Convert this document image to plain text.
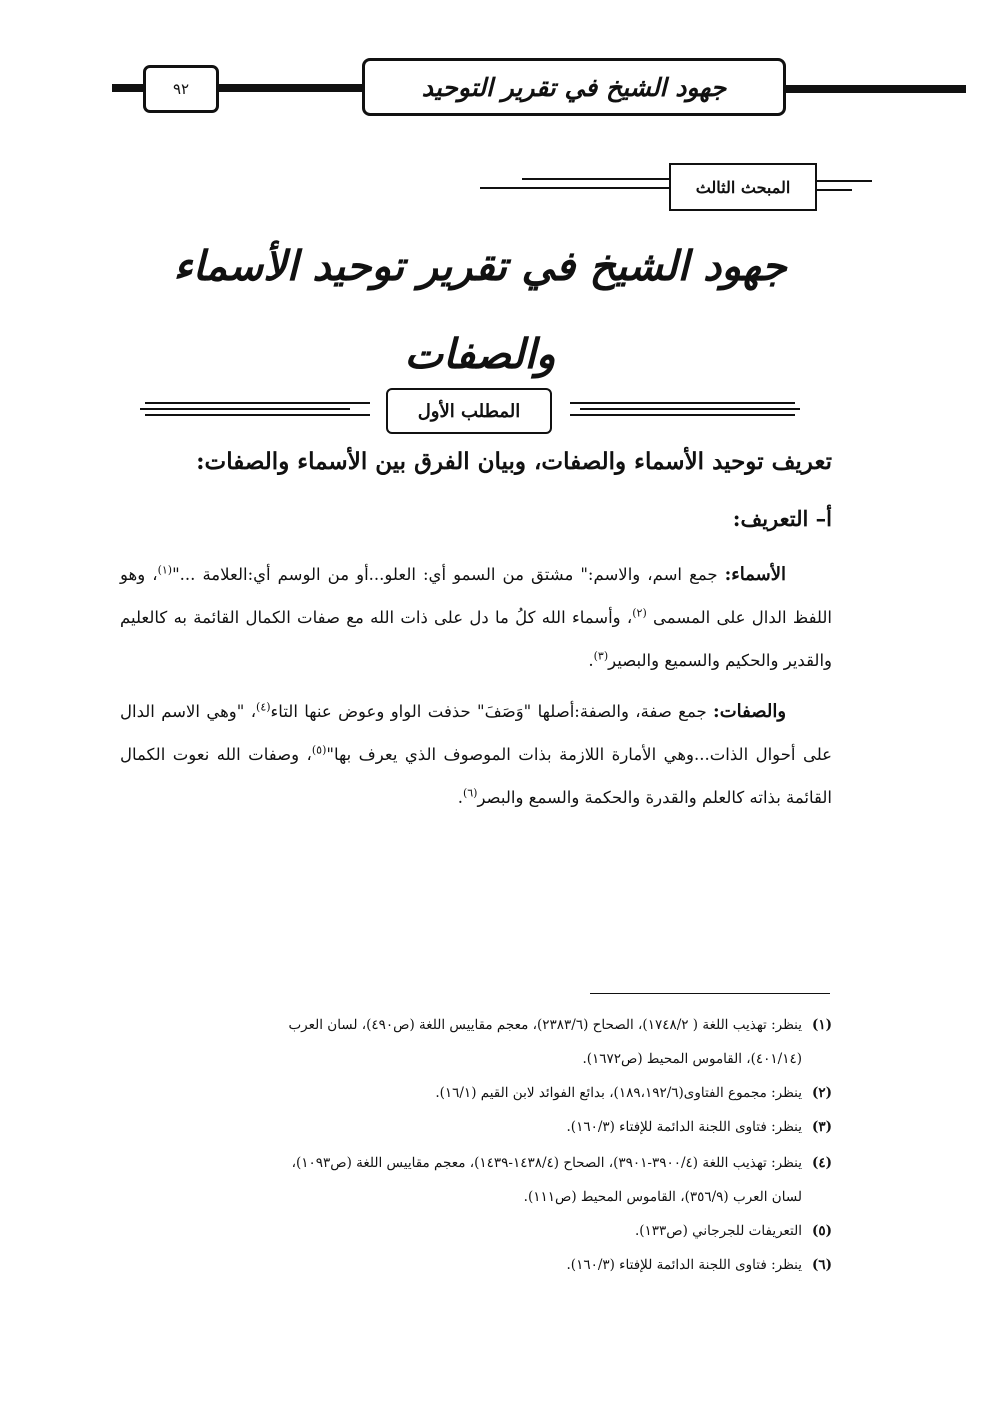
٩٢	جهود الشيخ في تقرير التوحيد
المبحث الثالث
جهود الشيخ في تقرير توحيد الأسماء
والصفات
المطلب الأول
تعريف توحيد الأسماء والصفات، وبيان الفرق بين الأسماء والصفات:
أ– التعريف:
الأسماء: جمع اسم، والاسم:" مشتق من السمو أي: العلو...أو من الوسم أي:العلامة ..."$^{(١)}$، وهو اللفظ الدال على المسمى $^{(٢)}$، وأسماء الله كلُ ما دل على ذات الله مع صفات الكمال القائمة به كالعليم والقدير والحكيم والسميع والبصير$^{(٣)}$.
والصفات: جمع صفة، والصفة:أصلها "وَصَفَ" حذفت الواو وعوض عنها التاء$^{(٤)}$، "وهي الاسم الدال على أحوال الذات...وهي الأمارة اللازمة بذات الموصوف الذي يعرف بها"$^{(٥)}$، وصفات الله نعوت الكمال القائمة بذاته كالعلم والقدرة والحكمة والسمع والبصر$^{(٦)}$.
(١)ينظر: تهذيب اللغة ( ١٧٤٨/٢)، الصحاح (٢٣٨٣/٦)، معجم مقاييس اللغة (ص٤٩٠)، لسان العرب
(٤٠١/١٤)، القاموس المحيط (ص١٦٧٢).
(٢)ينظر: مجموع الفتاوى(١٨٩،١٩٢/٦)، بدائع الفوائد لابن القيم (١٦/١).
(٣)ينظر: فتاوى اللجنة الدائمة للإفتاء (١٦٠/٣).
(٤)ينظر: تهذيب اللغة (٣٩٠٠/٤-٣٩٠١)، الصحاح (١٤٣٨/٤-١٤٣٩)، معجم مقاييس اللغة (ص١٠٩٣)،
لسان العرب (٣٥٦/٩)، القاموس المحيط (ص١١١).
(٥)التعريفات للجرجاني (ص١٣٣).
(٦)ينظر: فتاوى اللجنة الدائمة للإفتاء (١٦٠/٣).
